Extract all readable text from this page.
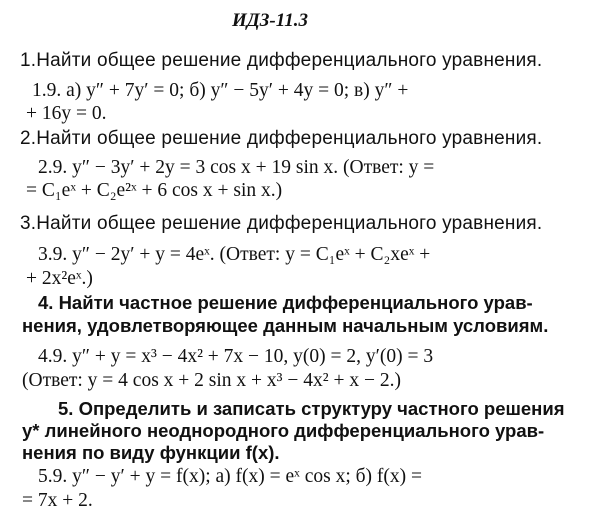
ИДЗ-11.3
1.Найти общее решение дифференциального уравнения.
1.9. а) y″ + 7y′ = 0; б) y″ − 5y′ + 4y = 0; в) y″ +
+ 16y = 0.
2.Найти общее решение дифференциального уравнения.
2.9. y″ − 3y′ + 2y = 3 cos x + 19 sin x. (Ответ: y =
= C₁eˣ + C₂e²ˣ + 6 cos x + sin x.)
3.Найти общее решение дифференциального уравнения.
3.9. y″ − 2y′ + y = 4eˣ. (Ответ: y = C₁eˣ + C₂xeˣ +
+ 2x²eˣ.)
4. Найти частное решение дифференциального урав-
нения, удовлетворяющее данным начальным условиям.
4.9. y″ + y = x³ − 4x² + 7x − 10, y(0) = 2, y′(0) = 3
(Ответ: y = 4 cos x + 2 sin x + x³ − 4x² + x − 2.)
5. Определить и записать структуру частного решения
y* линейного неоднородного дифференциального урав-
нения по виду функции f(x).
5.9. y″ − y′ + y = f(x); а) f(x) = eˣ cos x; б) f(x) =
= 7x + 2.
